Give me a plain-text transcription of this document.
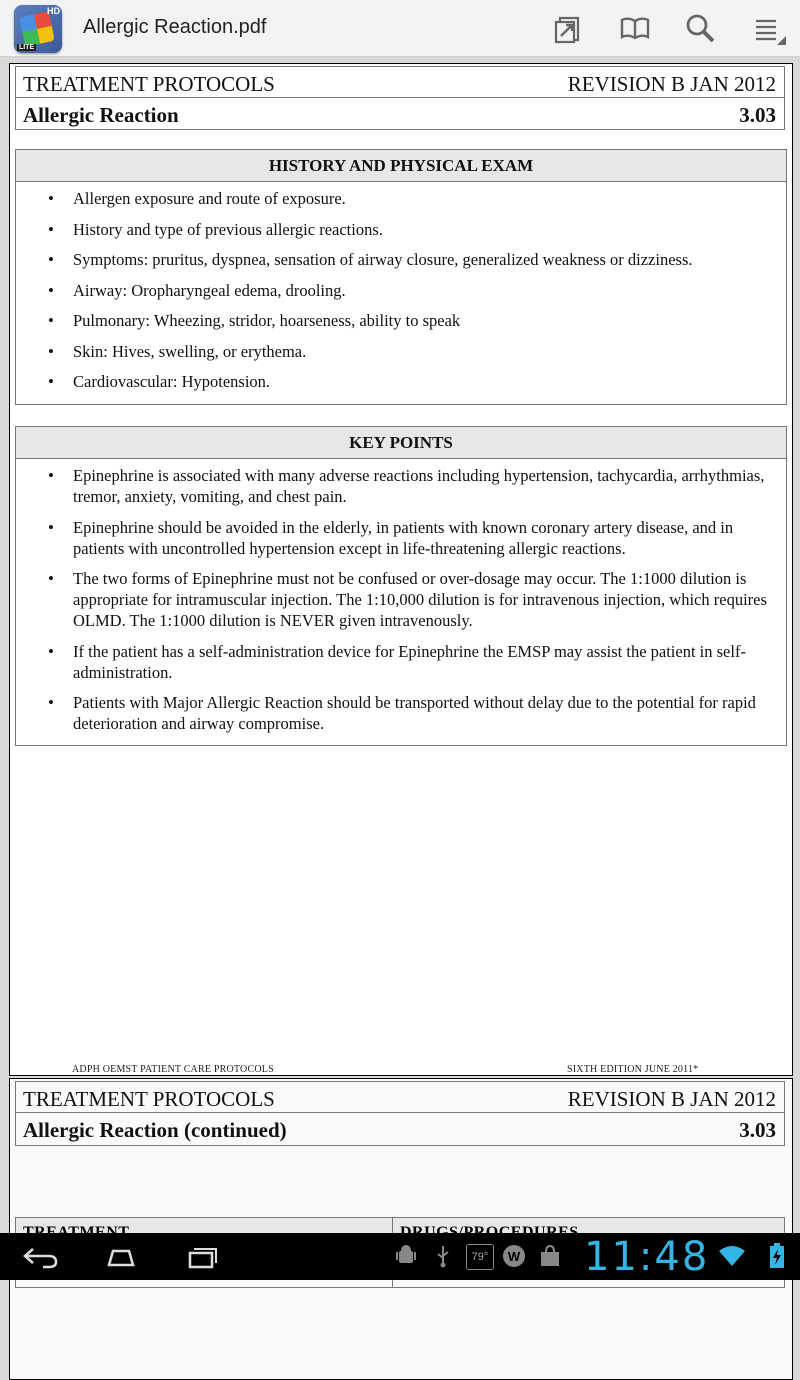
HD
LITE
Allergic Reaction.pdf
TREATMENT PROTOCOLS	REVISION B JAN 2012
Allergic Reaction	3.03
HISTORY AND PHYSICAL EXAM
• Allergen exposure and route of exposure.
• History and type of previous allergic reactions.
• Symptoms: pruritus, dyspnea, sensation of airway closure, generalized weakness or dizziness.
• Airway: Oropharyngeal edema, drooling.
• Pulmonary: Wheezing, stridor, hoarseness, ability to speak
• Skin: Hives, swelling, or erythema.
• Cardiovascular: Hypotension.
KEY POINTS
• Epinephrine is associated with many adverse reactions including hypertension, tachycardia, arrhythmias, tremor, anxiety, vomiting, and chest pain.
• Epinephrine should be avoided in the elderly, in patients with known coronary artery disease, and in patients with uncontrolled hypertension except in life-threatening allergic reactions.
• The two forms of Epinephrine must not be confused or over-dosage may occur. The 1:1000 dilution is appropriate for intramuscular injection. The 1:10,000 dilution is for intravenous injection, which requires OLMD. The 1:1000 dilution is NEVER given intravenously.
• If the patient has a self-administration device for Epinephrine the EMSP may assist the patient in self-administration.
• Patients with Major Allergic Reaction should be transported without delay due to the potential for rapid deterioration and airway compromise.
ADPH OEMST PATIENT CARE PROTOCOLS	SIXTH EDITION JUNE 2011*
TREATMENT PROTOCOLS	REVISION B JAN 2012
Allergic Reaction (continued)	3.03
79°	W 11:48
